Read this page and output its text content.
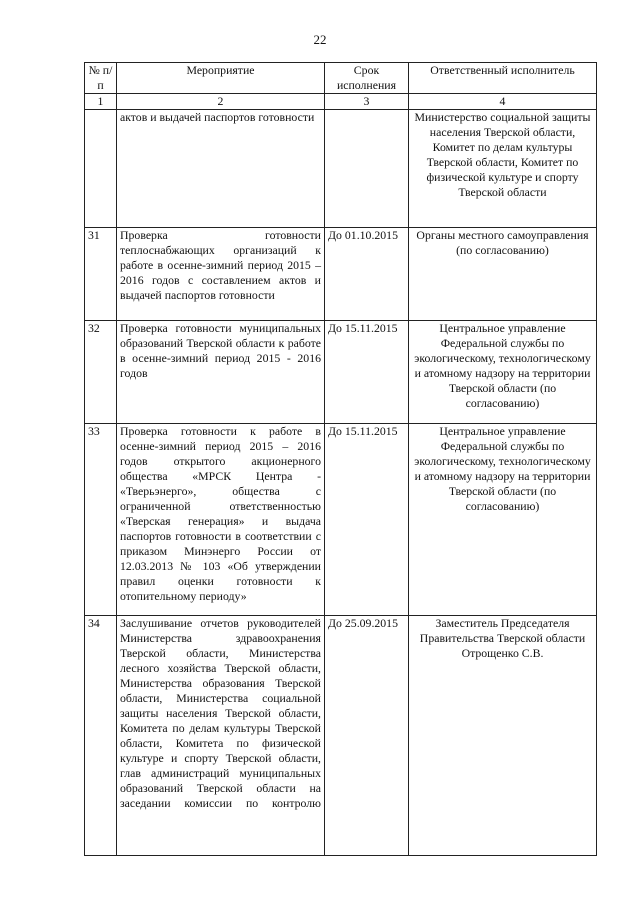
22
№ п/п	Мероприятие	Срок исполнения	Ответственный исполнитель
1	2	3	4
	актов и выдачей паспортов готовности		Министерство социальной защиты населения Тверской области, Комитет по делам культуры Тверской области, Комитет по физической культуре и спорту Тверской области
31	Проверка готовности теплоснабжающих организаций к работе в осенне-зимний период 2015 – 2016 годов с составлением актов и выдачей паспортов готовности	До 01.10.2015	Органы местного самоуправления (по согласованию)
32	Проверка готовности муниципальных образований Тверской области к работе в осенне-зимний период 2015 - 2016 годов	До 15.11.2015	Центральное управление Федеральной службы по экологическому, технологическому и атомному надзору на территории Тверской области (по согласованию)
33	Проверка готовности к работе в осенне-зимний период 2015 – 2016 годов открытого акционерного общества «МРСК Центра - «Тверьэнерго», общества с ограниченной ответственностью «Тверская генерация» и выдача паспортов готовности в соответствии с приказом Минэнерго России от 12.03.2013 № 103 «Об утверждении правил оценки готовности к отопительному периоду»	До 15.11.2015	Центральное управление Федеральной службы по экологическому, технологическому и атомному надзору на территории Тверской области (по согласованию)
34	Заслушивание отчетов руководителей Министерства здравоохранения Тверской области, Министерства лесного хозяйства Тверской области, Министерства образования Тверской области, Министерства социальной защиты населения Тверской области, Комитета по делам культуры Тверской области, Комитета по физической культуре и спорту Тверской области, глав администраций муниципальных образований Тверской области на заседании комиссии по контролю	До 25.09.2015	Заместитель Председателя Правительства Тверской области Отрощенко С.В.
